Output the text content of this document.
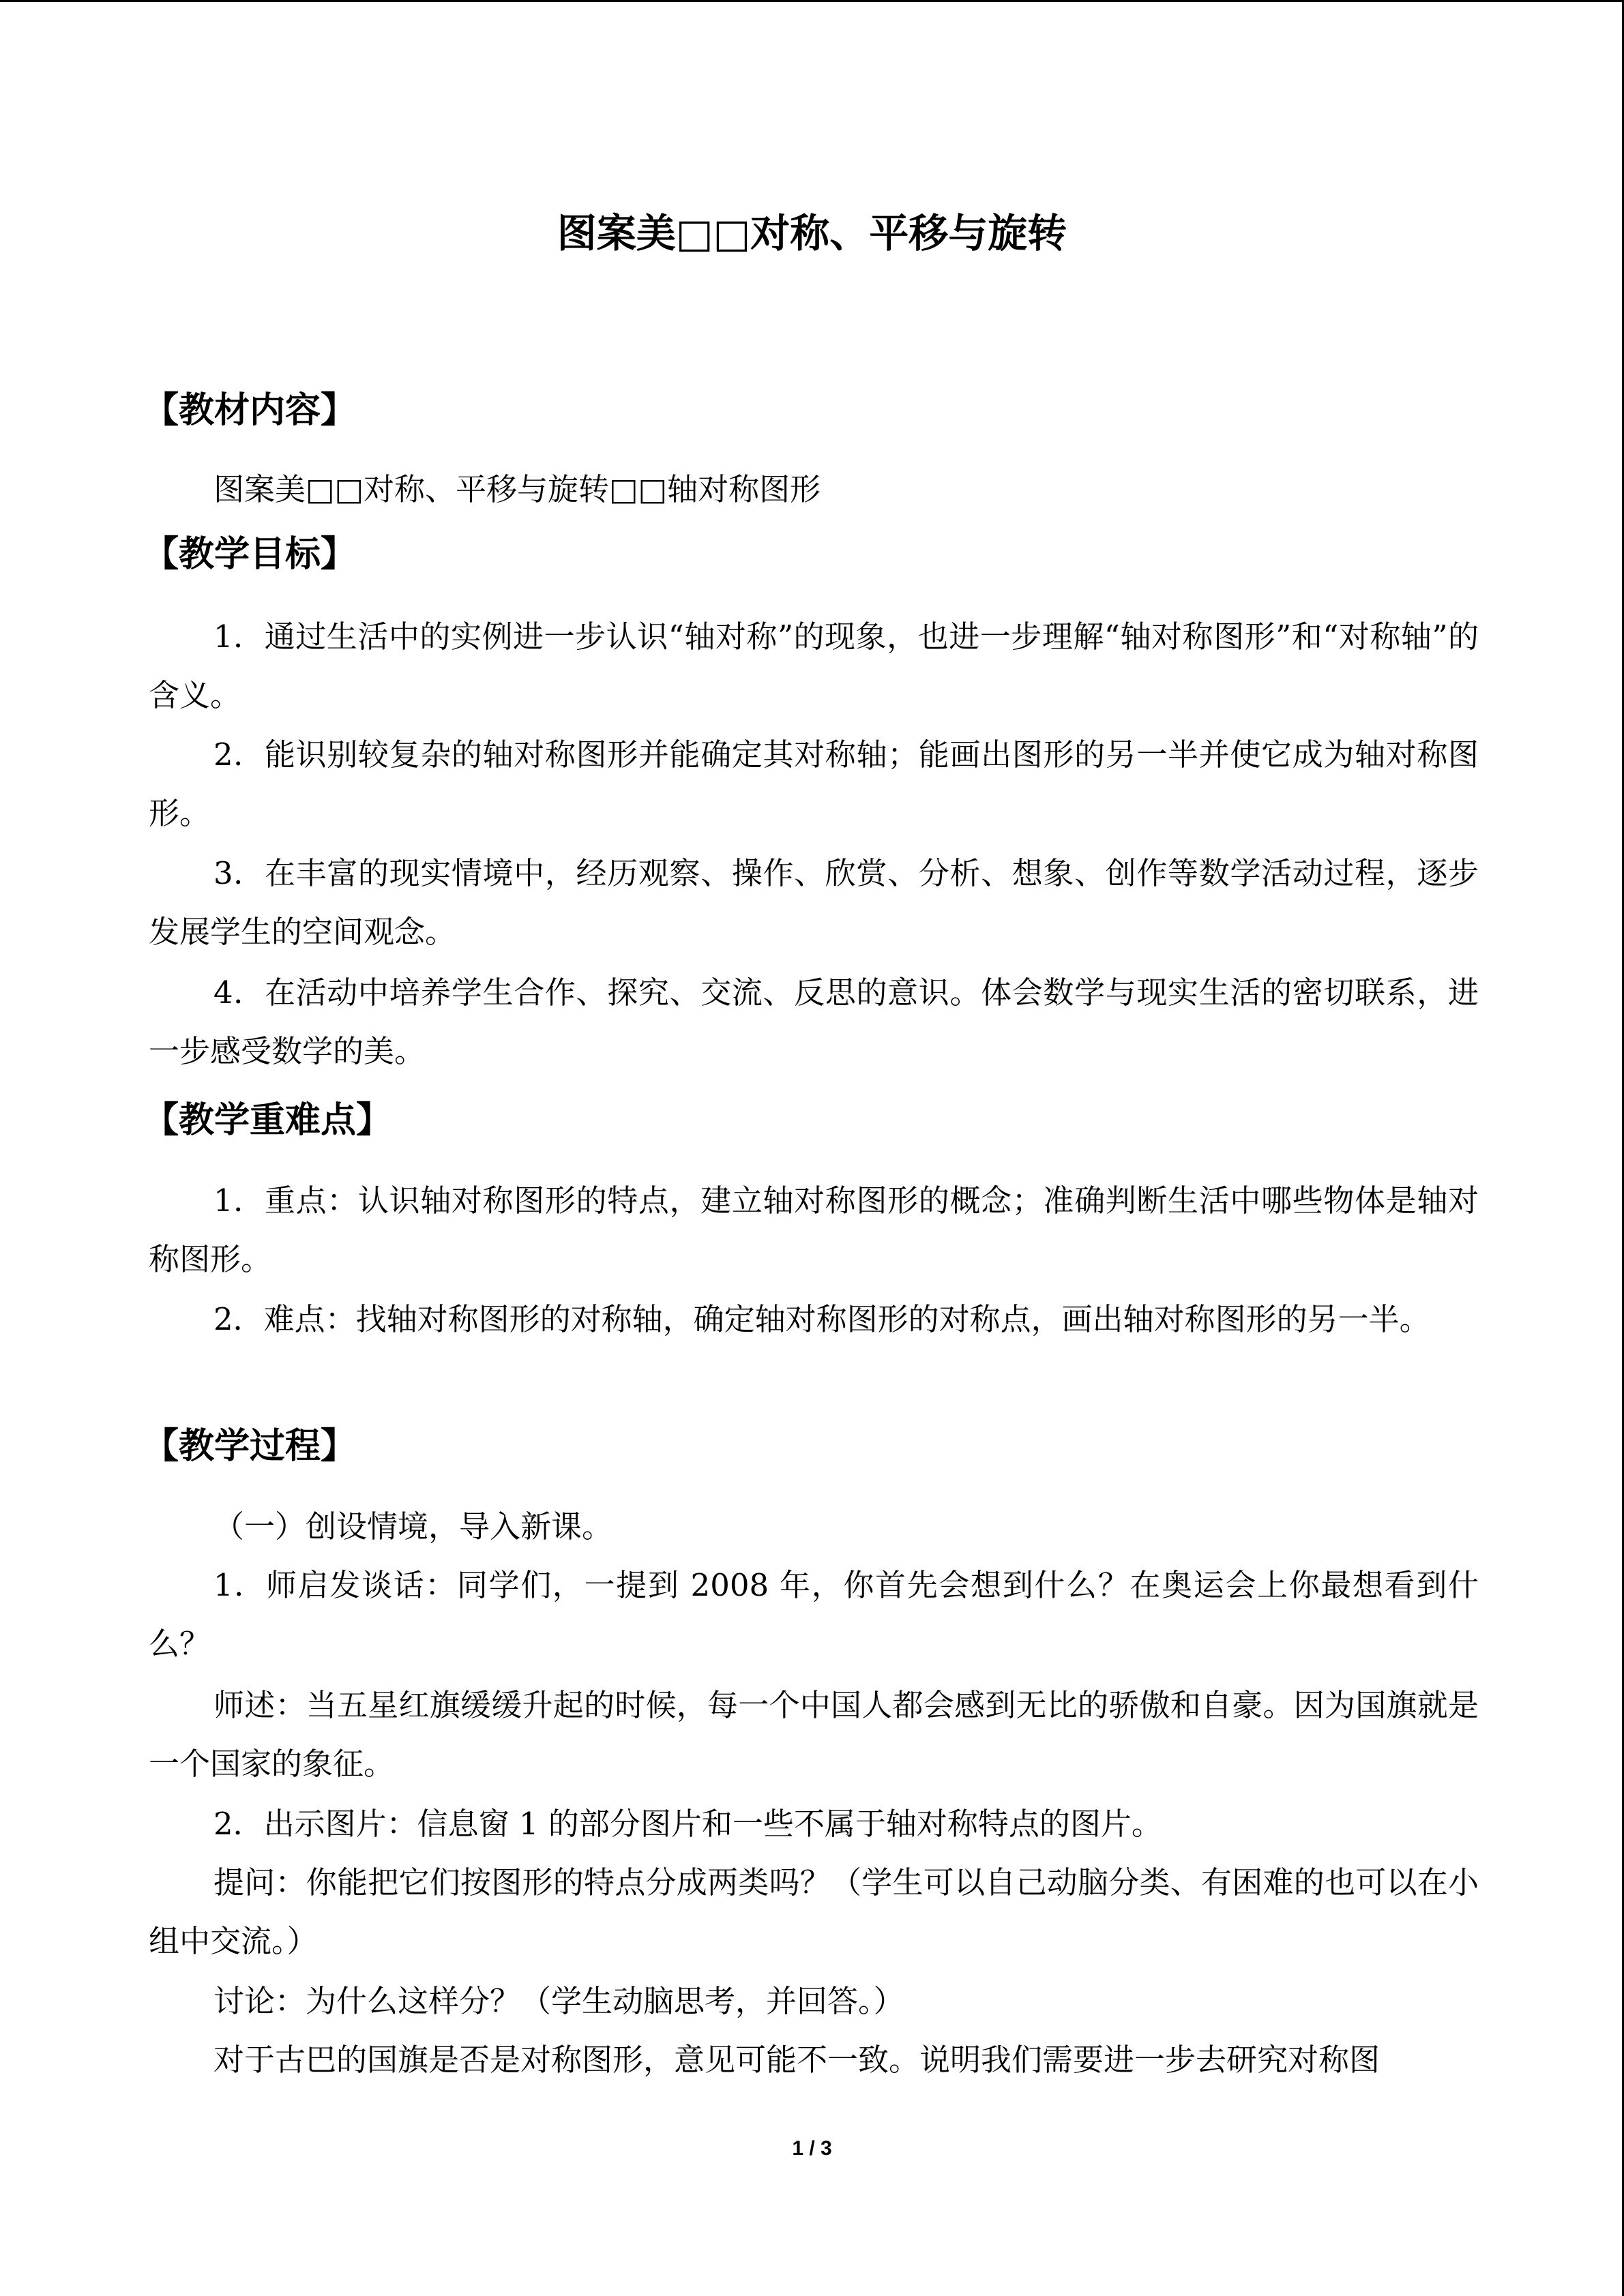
图案美□□对称、平移与旋转
【教材内容】
图案美□□对称、平移与旋转□□轴对称图形
【教学目标】
1．通过生活中的实例进一步认识“轴对称”的现象，也进一步理解“轴对称图形”和“对称轴”的含义。
2．能识别较复杂的轴对称图形并能确定其对称轴；能画出图形的另一半并使它成为轴对称图形。
3．在丰富的现实情境中，经历观察、操作、欣赏、分析、想象、创作等数学活动过程，逐步发展学生的空间观念。
4．在活动中培养学生合作、探究、交流、反思的意识。体会数学与现实生活的密切联系，进一步感受数学的美。
【教学重难点】
1．重点：认识轴对称图形的特点，建立轴对称图形的概念；准确判断生活中哪些物体是轴对称图形。
2．难点：找轴对称图形的对称轴，确定轴对称图形的对称点，画出轴对称图形的另一半。
【教学过程】
（一）创设情境，导入新课。
1．师启发谈话：同学们，一提到 2008 年，你首先会想到什么？在奥运会上你最想看到什么？
师述：当五星红旗缓缓升起的时候，每一个中国人都会感到无比的骄傲和自豪。因为国旗就是一个国家的象征。
2．出示图片：信息窗 1 的部分图片和一些不属于轴对称特点的图片。
提问：你能把它们按图形的特点分成两类吗？（学生可以自己动脑分类、有困难的也可以在小组中交流。）
讨论：为什么这样分？（学生动脑思考，并回答。）
对于古巴的国旗是否是对称图形，意见可能不一致。说明我们需要进一步去研究对称图
1 / 3
